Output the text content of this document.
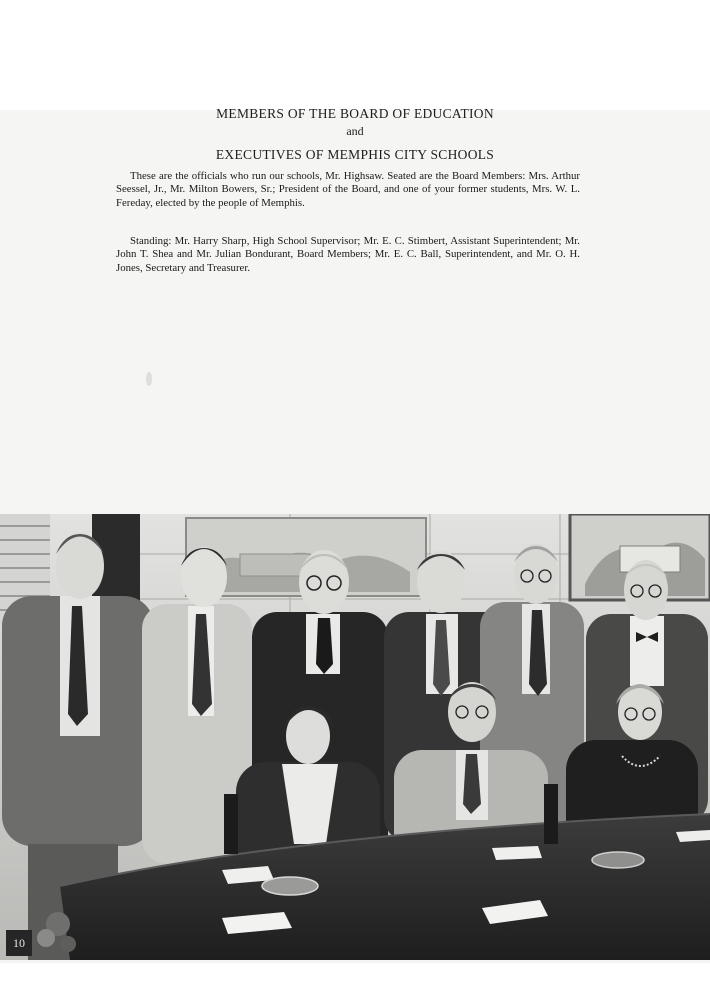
MEMBERS OF THE BOARD OF EDUCATION
and
EXECUTIVES OF MEMPHIS CITY SCHOOLS

These are the officials who run our schools, Mr. Highsaw. Seated are the Board Members: Mrs. Arthur Seessel, Jr., Mr. Milton Bowers, Sr.; President of the Board, and one of your former students, Mrs. W. L. Fereday, elected by the people of Memphis.

Standing: Mr. Harry Sharp, High School Supervisor; Mr. E. C. Stimbert, Assistant Superintendent; Mr. John T. Shea and Mr. Julian Bondurant, Board Members; Mr. E. C. Ball, Superintendent, and Mr. O. H. Jones, Secretary and Treasurer.

10
